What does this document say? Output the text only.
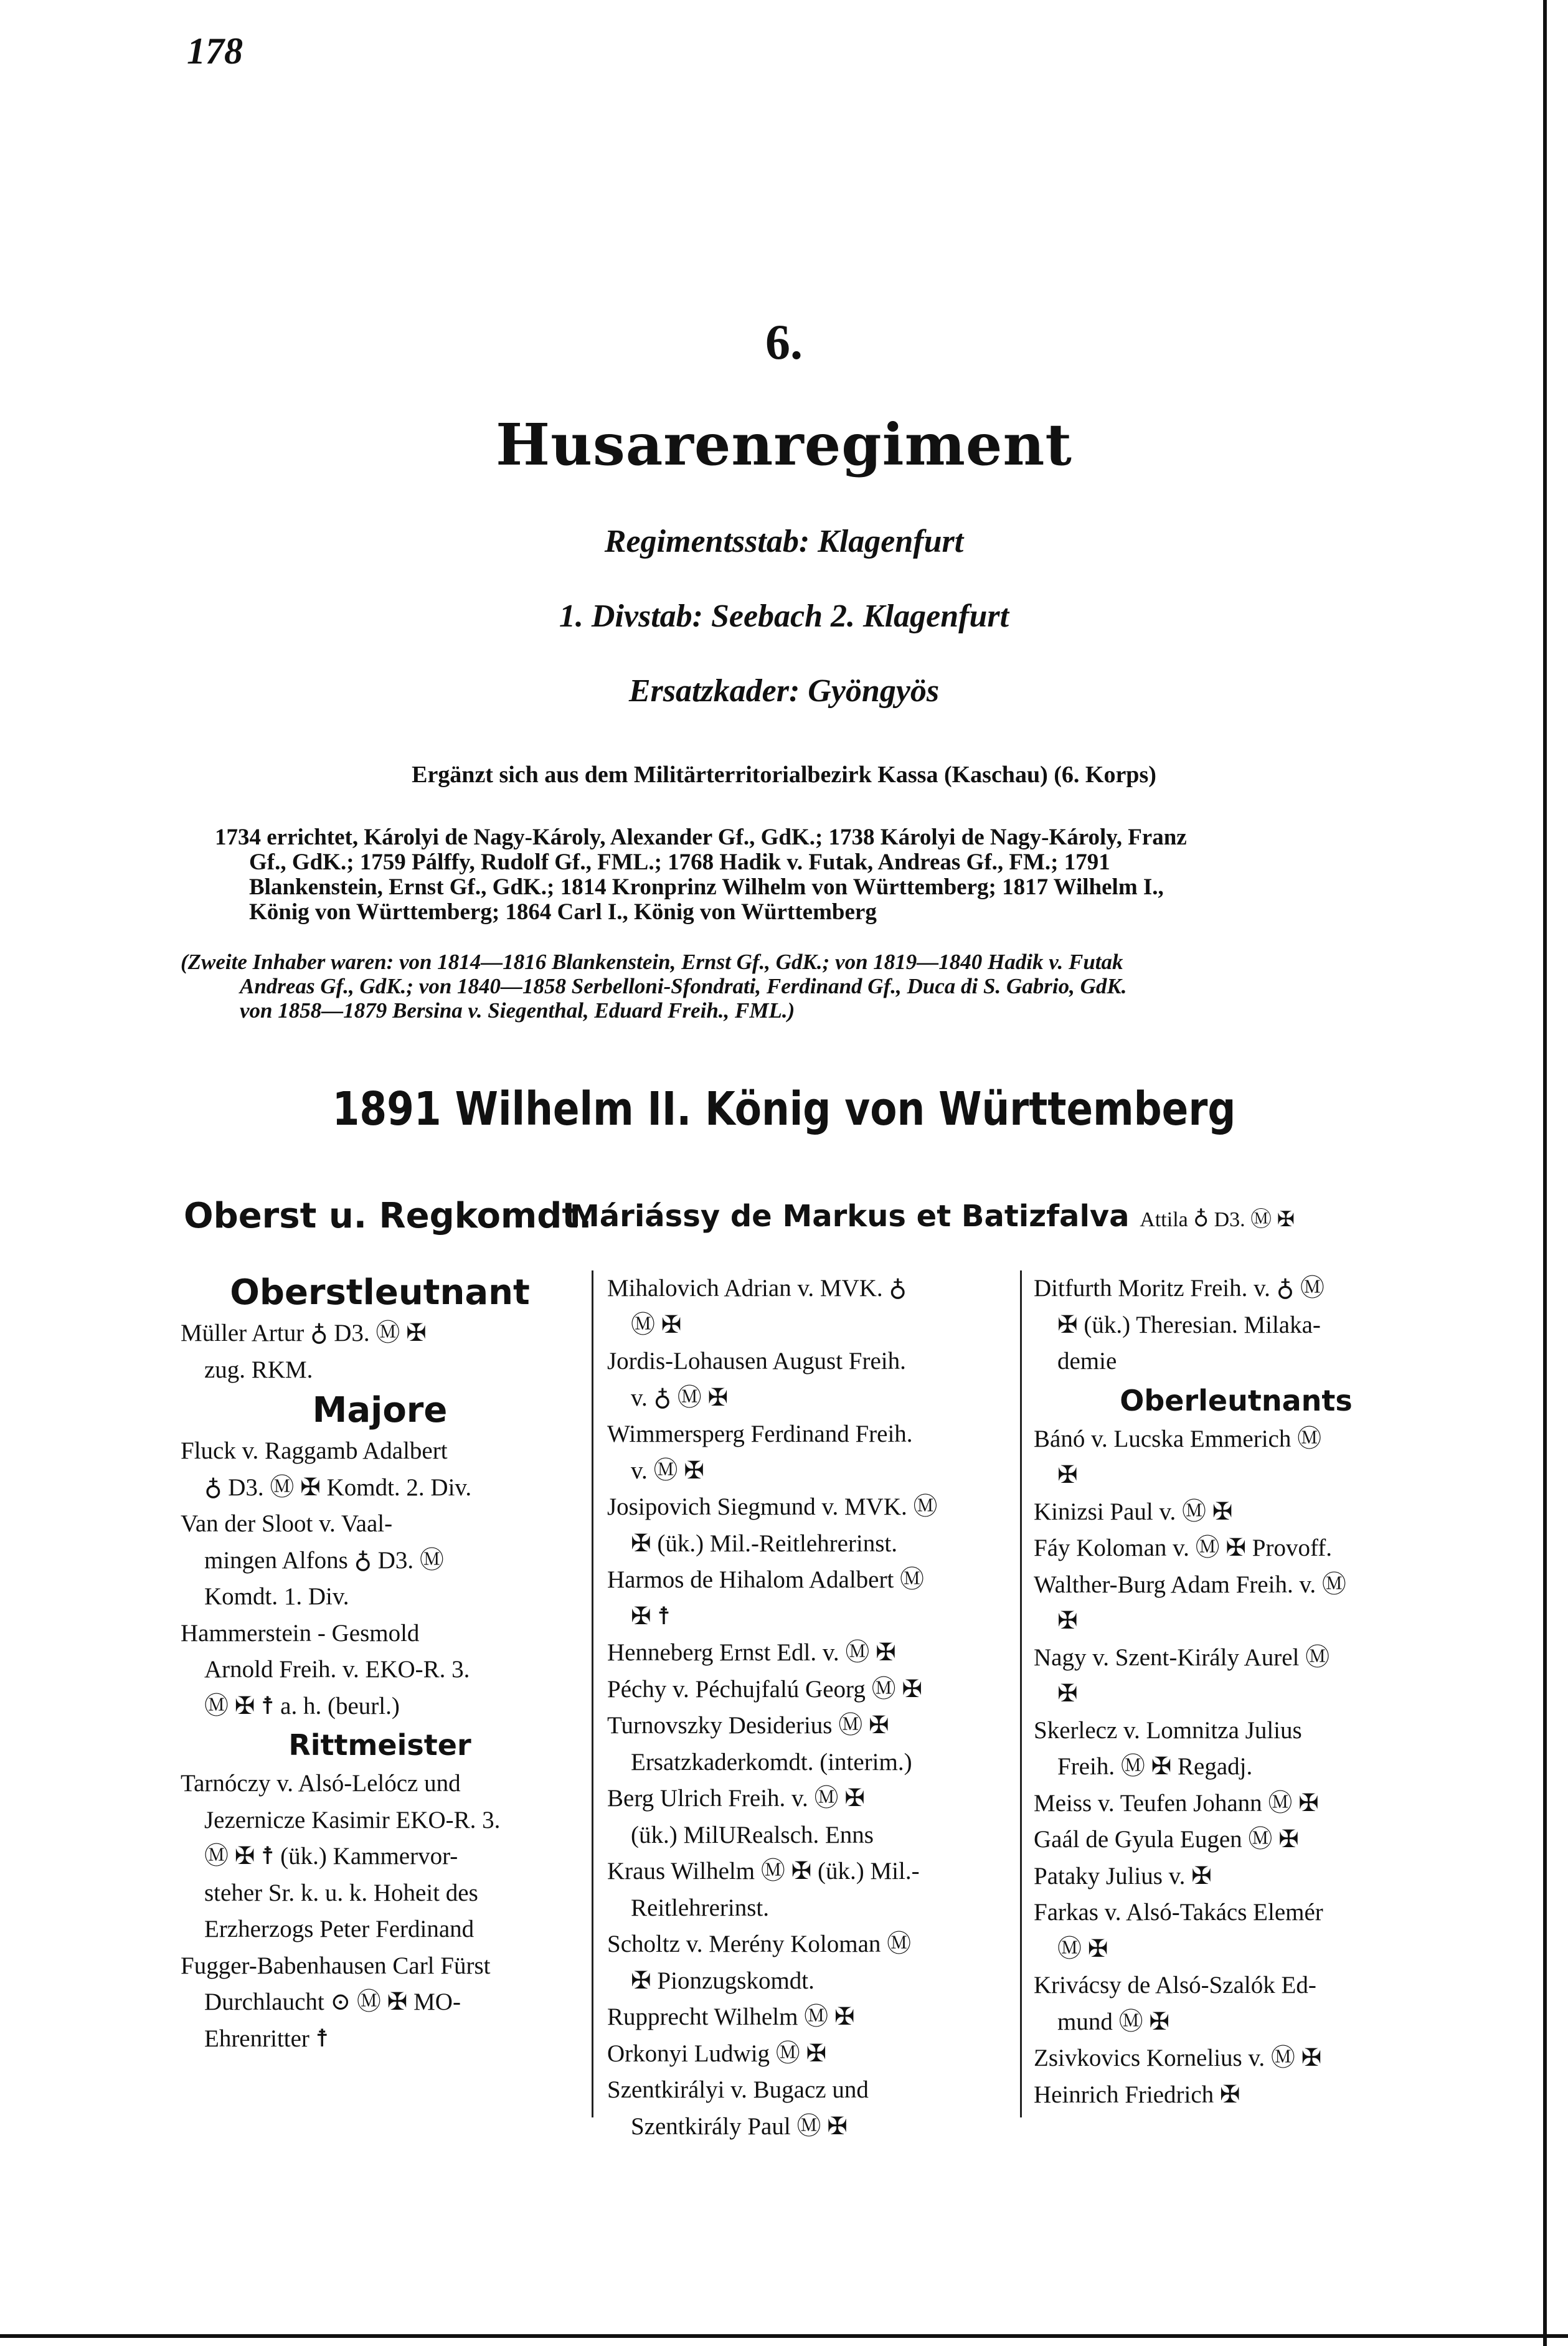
178
6.
Husarenregiment
Regimentsstab: Klagenfurt
1. Divstab: Seebach 2. Klagenfurt
Ersatzkader: Gyöngyös
Ergänzt sich aus dem Militärterritorialbezirk Kassa (Kaschau) (6. Korps)
1734 errichtet, Károlyi de Nagy-Károly, Alexander Gf., GdK.; 1738 Károlyi de Nagy-Károly, Franz
Gf., GdK.; 1759 Pálffy, Rudolf Gf., FML.; 1768 Hadik v. Futak, Andreas Gf., FM.; 1791
Blankenstein, Ernst Gf., GdK.; 1814 Kronprinz Wilhelm von Württemberg; 1817 Wilhelm I.,
König von Württemberg; 1864 Carl I., König von Württemberg
(Zweite Inhaber waren: von 1814—1816 Blankenstein, Ernst Gf., GdK.; von 1819—1840 Hadik v. Futak
Andreas Gf., GdK.; von 1840—1858 Serbelloni-Sfondrati, Ferdinand Gf., Duca di S. Gabrio, GdK.
von 1858—1879 Bersina v. Siegenthal, Eduard Freih., FML.)
1891 Wilhelm II. König von Württemberg
Oberst u. Regkomdt.
Máriássy de Markus et Batizfalva Attila ♁ D3. Ⓜ ✠
Oberstleutnant
Müller Artur ♁ D3. Ⓜ ✠
zug. RKM.
Majore
Fluck v. Raggamb Adalbert
♁ D3. Ⓜ ✠ Komdt. 2. Div.
Van der Sloot v. Vaal-
mingen Alfons ♁ D3. Ⓜ
Komdt. 1. Div.
Hammerstein - Gesmold
Arnold Freih. v. EKO-R. 3.
Ⓜ ✠ ☨ a. h. (beurl.)
Rittmeister
Tarnóczy v. Alsó-Lelócz und
Jezernicze Kasimir EKO-R. 3.
Ⓜ ✠ ☨ (ük.) Kammervor-
steher Sr. k. u. k. Hoheit des
Erzherzogs Peter Ferdinand
Fugger-Babenhausen Carl Fürst
Durchlaucht ⊙ Ⓜ ✠ MO-
Ehrenritter ☨
Mihalovich Adrian v. MVK. ♁
Ⓜ ✠
Jordis-Lohausen August Freih.
v. ♁ Ⓜ ✠
Wimmersperg Ferdinand Freih.
v. Ⓜ ✠
Josipovich Siegmund v. MVK. Ⓜ
✠ (ük.) Mil.-Reitlehrerinst.
Harmos de Hihalom Adalbert Ⓜ
✠ ☨
Henneberg Ernst Edl. v. Ⓜ ✠
Péchy v. Péchujfalú Georg Ⓜ ✠
Turnovszky Desiderius Ⓜ ✠
Ersatzkaderkomdt. (interim.)
Berg Ulrich Freih. v. Ⓜ ✠
(ük.) MilURealsch. Enns
Kraus Wilhelm Ⓜ ✠ (ük.) Mil.-
Reitlehrerinst.
Scholtz v. Merény Koloman Ⓜ
✠ Pionzugskomdt.
Rupprecht Wilhelm Ⓜ ✠
Orkonyi Ludwig Ⓜ ✠
Szentkirályi v. Bugacz und
Szentkirály Paul Ⓜ ✠
Ditfurth Moritz Freih. v. ♁ Ⓜ
✠ (ük.) Theresian. Milaka-
demie
Oberleutnants
Bánó v. Lucska Emmerich Ⓜ
✠
Kinizsi Paul v. Ⓜ ✠
Fáy Koloman v. Ⓜ ✠ Provoff.
Walther-Burg Adam Freih. v. Ⓜ
✠
Nagy v. Szent-Király Aurel Ⓜ
✠
Skerlecz v. Lomnitza Julius
Freih. Ⓜ ✠ Regadj.
Meiss v. Teufen Johann Ⓜ ✠
Gaál de Gyula Eugen Ⓜ ✠
Pataky Julius v. ✠
Farkas v. Alsó-Takács Elemér
Ⓜ ✠
Krivácsy de Alsó-Szalók Ed-
mund Ⓜ ✠
Zsivkovics Kornelius v. Ⓜ ✠
Heinrich Friedrich ✠
